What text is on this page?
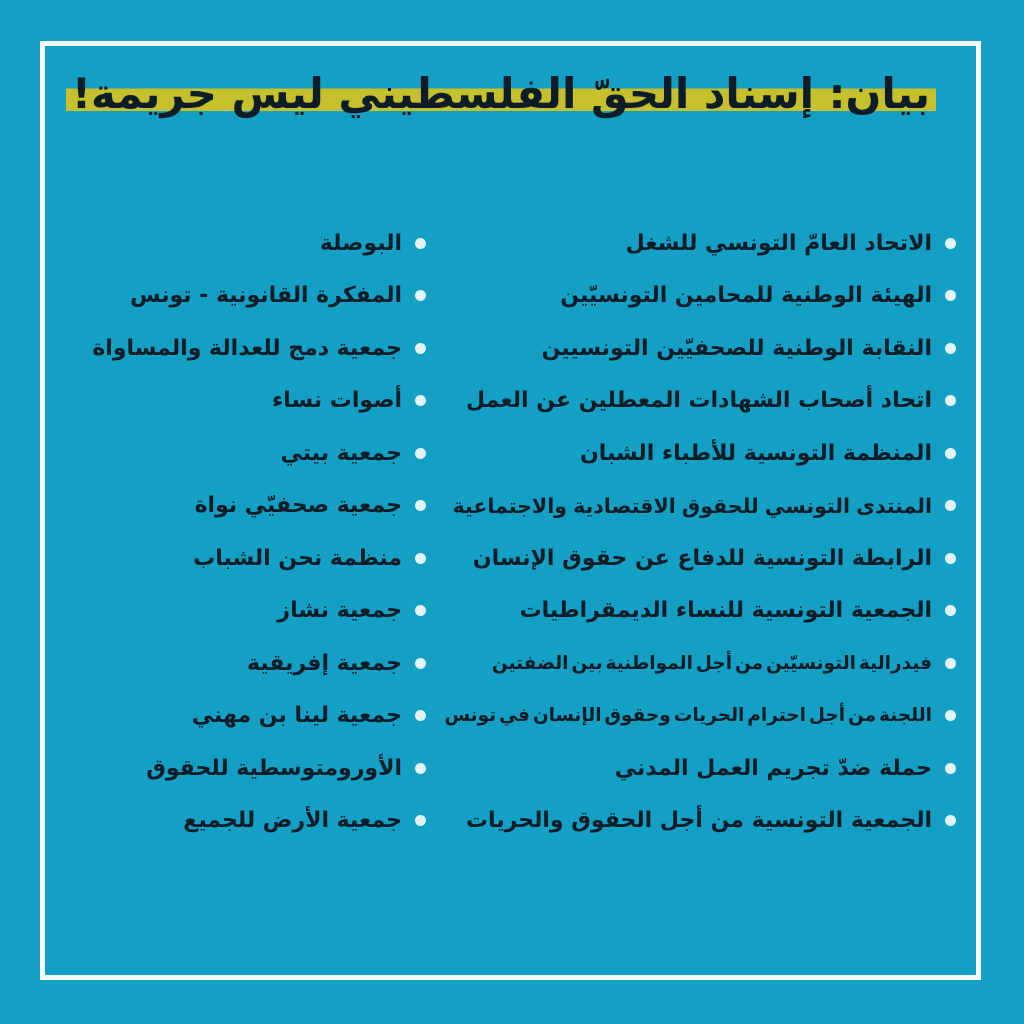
بيان: إسناد الحقّ الفلسطيني ليس جريمة!
الاتحاد العامّ التونسي للشغل
الهيئة الوطنية للمحامين التونسيّين
النقابة الوطنية للصحفيّين التونسيين
اتحاد أصحاب الشهادات المعطلين عن العمل
المنظمة التونسية للأطباء الشبان
المنتدى التونسي للحقوق الاقتصادية والاجتماعية
الرابطة التونسية للدفاع عن حقوق الإنسان
الجمعية التونسية للنساء الديمقراطيات
فيدرالية التونسيّين من أجل المواطنية بين الضفتين
اللجنة من أجل احترام الحريات وحقوق الإنسان في تونس
حملة ضدّ تجريم العمل المدني
الجمعية التونسية من أجل الحقوق والحريات
البوصلة
المفكرة القانونية - تونس
جمعية دمج للعدالة والمساواة
أصوات نساء
جمعية بيتي
جمعية صحفيّي نواة
منظمة نحن الشباب
جمعية نشاز
جمعية إفريقية
جمعية لينا بن مهني
الأورومتوسطية للحقوق
جمعية الأرض للجميع
